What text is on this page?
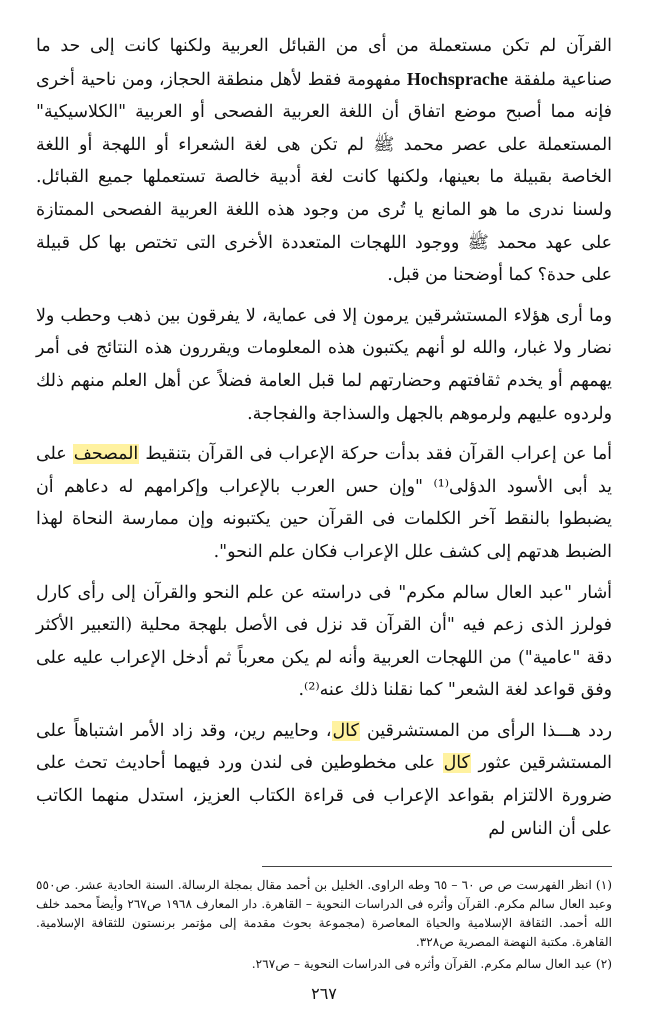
القرآن لم تكن مستعملة من أى من القبائل العربية ولكنها كانت إلى حد ما صناعية ملفقة Hochsprache مفهومة فقط لأهل منطقة الحجاز، ومن ناحية أخرى فإنه مما أصبح موضع اتفاق أن اللغة العربية الفصحى أو العربية "الكلاسيكية" المستعملة على عصر محمد ﷺ لم تكن هى لغة الشعراء أو اللهجة أو اللغة الخاصة بقبيلة ما بعينها، ولكنها كانت لغة أدبية خالصة تستعملها جميع القبائل. ولسنا ندرى ما هو المانع يا تُرى من وجود هذه اللغة العربية الفصحى الممتازة على عهد محمد ﷺ ووجود اللهجات المتعددة الأخرى التى تختص بها كل قبيلة على حدة؟ كما أوضحنا من قبل.

وما أرى هؤلاء المستشرقين يرمون إلا فى عماية، لا يفرقون بين ذهب وحطب ولا نضار ولا غبار، والله لو أنهم يكتبون هذه المعلومات ويقررون هذه النتائج فى أمر يهمهم أو يخدم ثقافتهم وحضارتهم لما قبل العامة فضلاً عن أهل العلم منهم ذلك ولردوه عليهم ولرموهم بالجهل والسذاجة والفجاجة.

أما عن إعراب القرآن فقد بدأت حركة الإعراب فى القرآن بتنقيط المصحف على يد أبى الأسود الدؤلى⁽¹⁾ "وإن حس العرب بالإعراب وإكرامهم له دعاهم أن يضبطوا بالنقط آخر الكلمات فى القرآن حين يكتبونه وإن ممارسة النحاة لهذا الضبط هدتهم إلى كشف علل الإعراب فكان علم النحو".

أشار "عبد العال سالم مكرم" فى دراسته عن علم النحو والقرآن إلى رأى كارل فولرز الذى زعم فيه "أن القرآن قد نزل فى الأصل بلهجة محلية (التعبير الأكثر دقة "عامية") من اللهجات العربية وأنه لم يكن معرباً ثم أدخل الإعراب عليه على وفق قواعد لغة الشعر" كما نقلنا ذلك عنه⁽²⁾.

ردد هـــذا الرأى من المستشرقين كال، وحاييم رين، وقد زاد الأمر اشتباهاً على المستشرقين عثور كال على مخطوطين فى لندن ورد فيهما أحاديث تحث على ضرورة الالتزام بقواعد الإعراب فى قراءة الكتاب العزيز، استدل منهما الكاتب على أن الناس لم

(١) انظر الفهرست ص ص ٦٠ – ٦٥ وطه الراوى. الخليل بن أحمد مقال بمجلة الرسالة. السنة الحادية عشر. ص٥٥٠ وعبد العال سالم مكرم. القرآن وأثره فى الدراسات النحوية – القاهرة. دار المعارف ١٩٦٨ ص٢٦٧ وأيضاً محمد خلف الله أحمد. الثقافة الإسلامية والحياة المعاصرة (مجموعة بحوث مقدمة إلى مؤتمر برنستون للثقافة الإسلامية. القاهرة. مكتبة النهضة المصرية ص٣٢٨.

(٢) عبد العال سالم مكرم. القرآن وأثره فى الدراسات النحوية – ص٢٦٧.

٢٦٧
